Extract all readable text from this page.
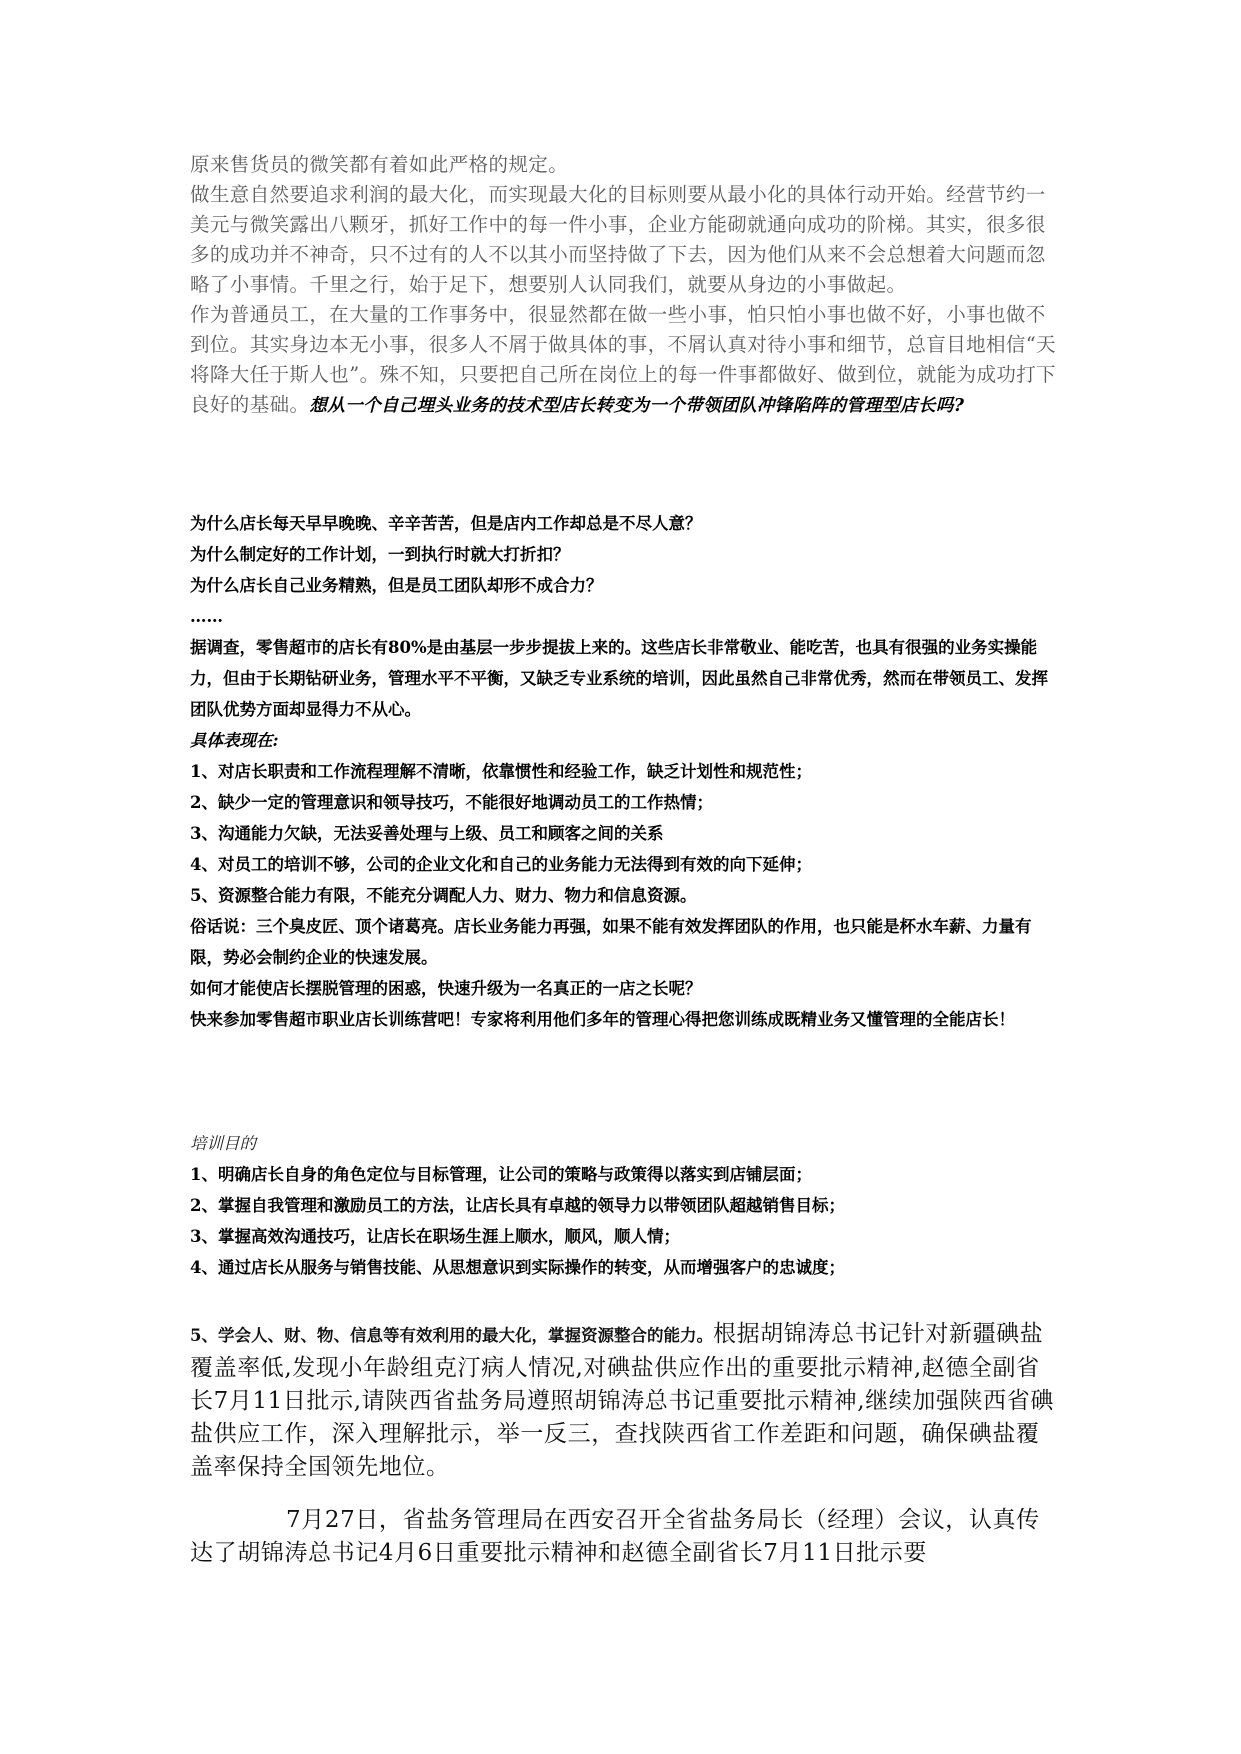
原来售货员的微笑都有着如此严格的规定。

做生意自然要追求利润的最大化，而实现最大化的目标则要从最小化的具体行动开始。经营节约一美元与微笑露出八颗牙，抓好工作中的每一件小事，企业方能砌就通向成功的阶梯。其实，很多很多的成功并不神奇，只不过有的人不以其小而坚持做了下去，因为他们从来不会总想着大问题而忽略了小事情。千里之行，始于足下，想要别人认同我们，就要从身边的小事做起。

作为普通员工，在大量的工作事务中，很显然都在做一些小事，怕只怕小事也做不好，小事也做不到位。其实身边本无小事，很多人不屑于做具体的事，不屑认真对待小事和细节，总盲目地相信“天将降大任于斯人也”。殊不知，只要把自己所在岗位上的每一件事都做好、做到位，就能为成功打下良好的基础。想从一个自己埋头业务的技术型店长转变为一个带领团队冲锋陷阵的管理型店长吗?

为什么店长每天早早晚晚、辛辛苦苦，但是店内工作却总是不尽人意？

为什么制定好的工作计划，一到执行时就大打折扣？

为什么店长自己业务精熟，但是员工团队却形不成合力？

……

据调查，零售超市的店长有80%是由基层一步步提拔上来的。这些店长非常敬业、能吃苦，也具有很强的业务实操能力，但由于长期钻研业务，管理水平不平衡，又缺乏专业系统的培训，因此虽然自己非常优秀，然而在带领员工、发挥团队优势方面却显得力不从心。

具体表现在:

1、对店长职责和工作流程理解不清晰，依靠惯性和经验工作，缺乏计划性和规范性；

2、缺少一定的管理意识和领导技巧，不能很好地调动员工的工作热情；

3、沟通能力欠缺，无法妥善处理与上级、员工和顾客之间的关系

4、对员工的培训不够，公司的企业文化和自己的业务能力无法得到有效的向下延伸；

5、资源整合能力有限，不能充分调配人力、财力、物力和信息资源。

俗话说：三个臭皮匠、顶个诸葛亮。店长业务能力再强，如果不能有效发挥团队的作用，也只能是杯水车薪、力量有限，势必会制约企业的快速发展。

如何才能使店长摆脱管理的困惑，快速升级为一名真正的一店之长呢？

快来参加零售超市职业店长训练营吧！专家将利用他们多年的管理心得把您训练成既精业务又懂管理的全能店长！

培训目的

1、明确店长自身的角色定位与目标管理，让公司的策略与政策得以落实到店铺层面；

2、掌握自我管理和激励员工的方法，让店长具有卓越的领导力以带领团队超越销售目标；

3、掌握高效沟通技巧，让店长在职场生涯上顺水，顺风，顺人情；

4、通过店长从服务与销售技能、从思想意识到实际操作的转变，从而增强客户的忠诚度；

5、学会人、财、物、信息等有效利用的最大化，掌握资源整合的能力。根据胡锦涛总书记针对新疆碘盐覆盖率低,发现小年龄组克汀病人情况,对碘盐供应作出的重要批示精神,赵德全副省长7月11日批示,请陕西省盐务局遵照胡锦涛总书记重要批示精神,继续加强陕西省碘盐供应工作，深入理解批示，举一反三，查找陕西省工作差距和问题，确保碘盐覆盖率保持全国领先地位。

7月27日，省盐务管理局在西安召开全省盐务局长（经理）会议，认真传达了胡锦涛总书记4月6日重要批示精神和赵德全副省长7月11日批示要
